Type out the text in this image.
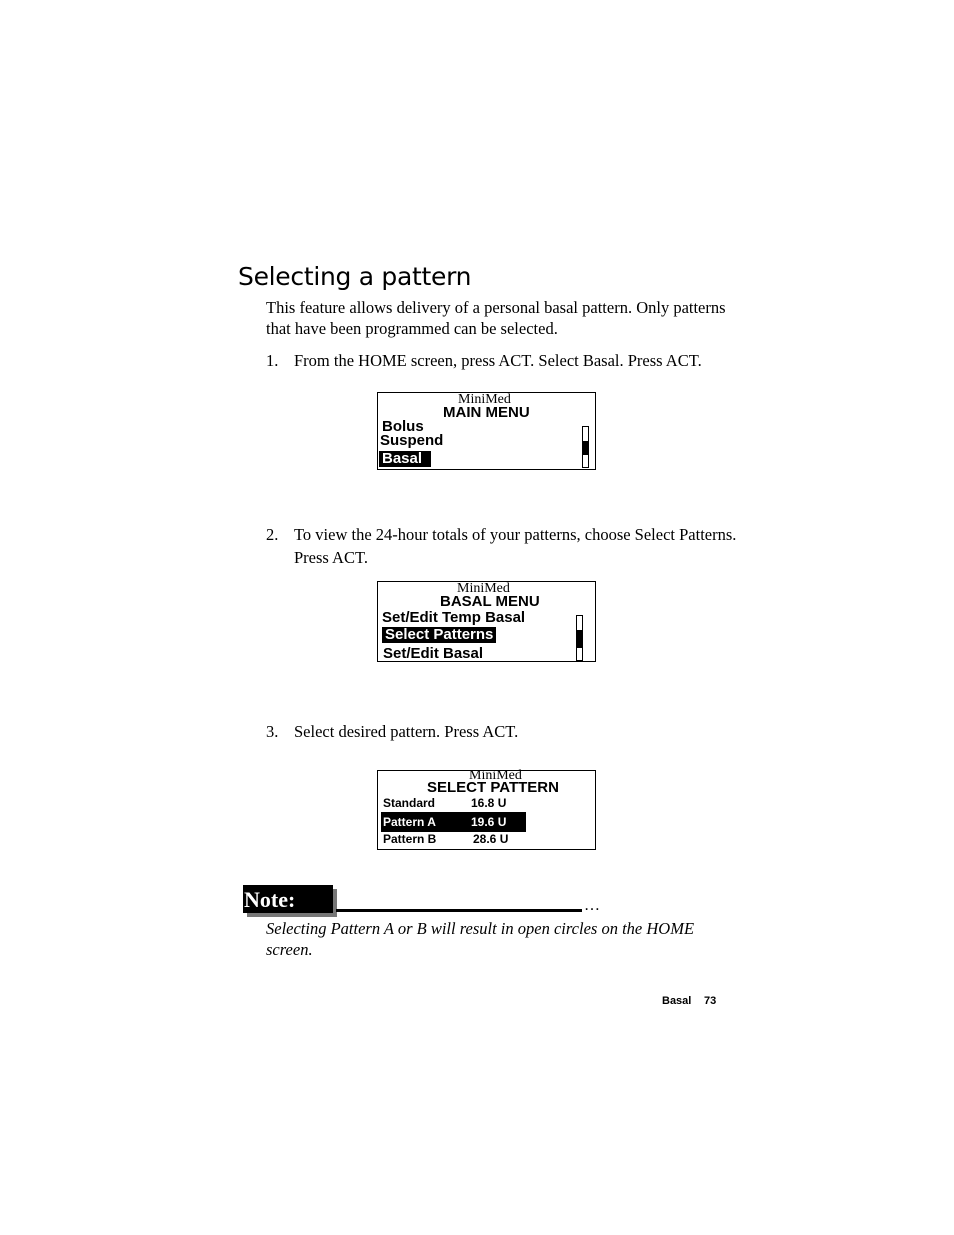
Selecting a pattern
This feature allows delivery of a personal basal pattern. Only patterns that have been programmed can be selected.
1. From the HOME screen, press ACT. Select Basal. Press ACT.
MiniMed
MAIN MENU
Bolus
Suspend
Basal
2. To view the 24-hour totals of your patterns, choose Select Patterns. Press ACT.
MiniMed
BASAL MENU
Set/Edit Temp Basal
Select Patterns
Set/Edit Basal
3. Select desired pattern. Press ACT.
MiniMed
SELECT PATTERN
Standard	16.8 U
Pattern A	19.6 U
Pattern B	28.6 U
Note:	…
Selecting Pattern A or B will result in open circles on the HOME screen.
Basal 73
